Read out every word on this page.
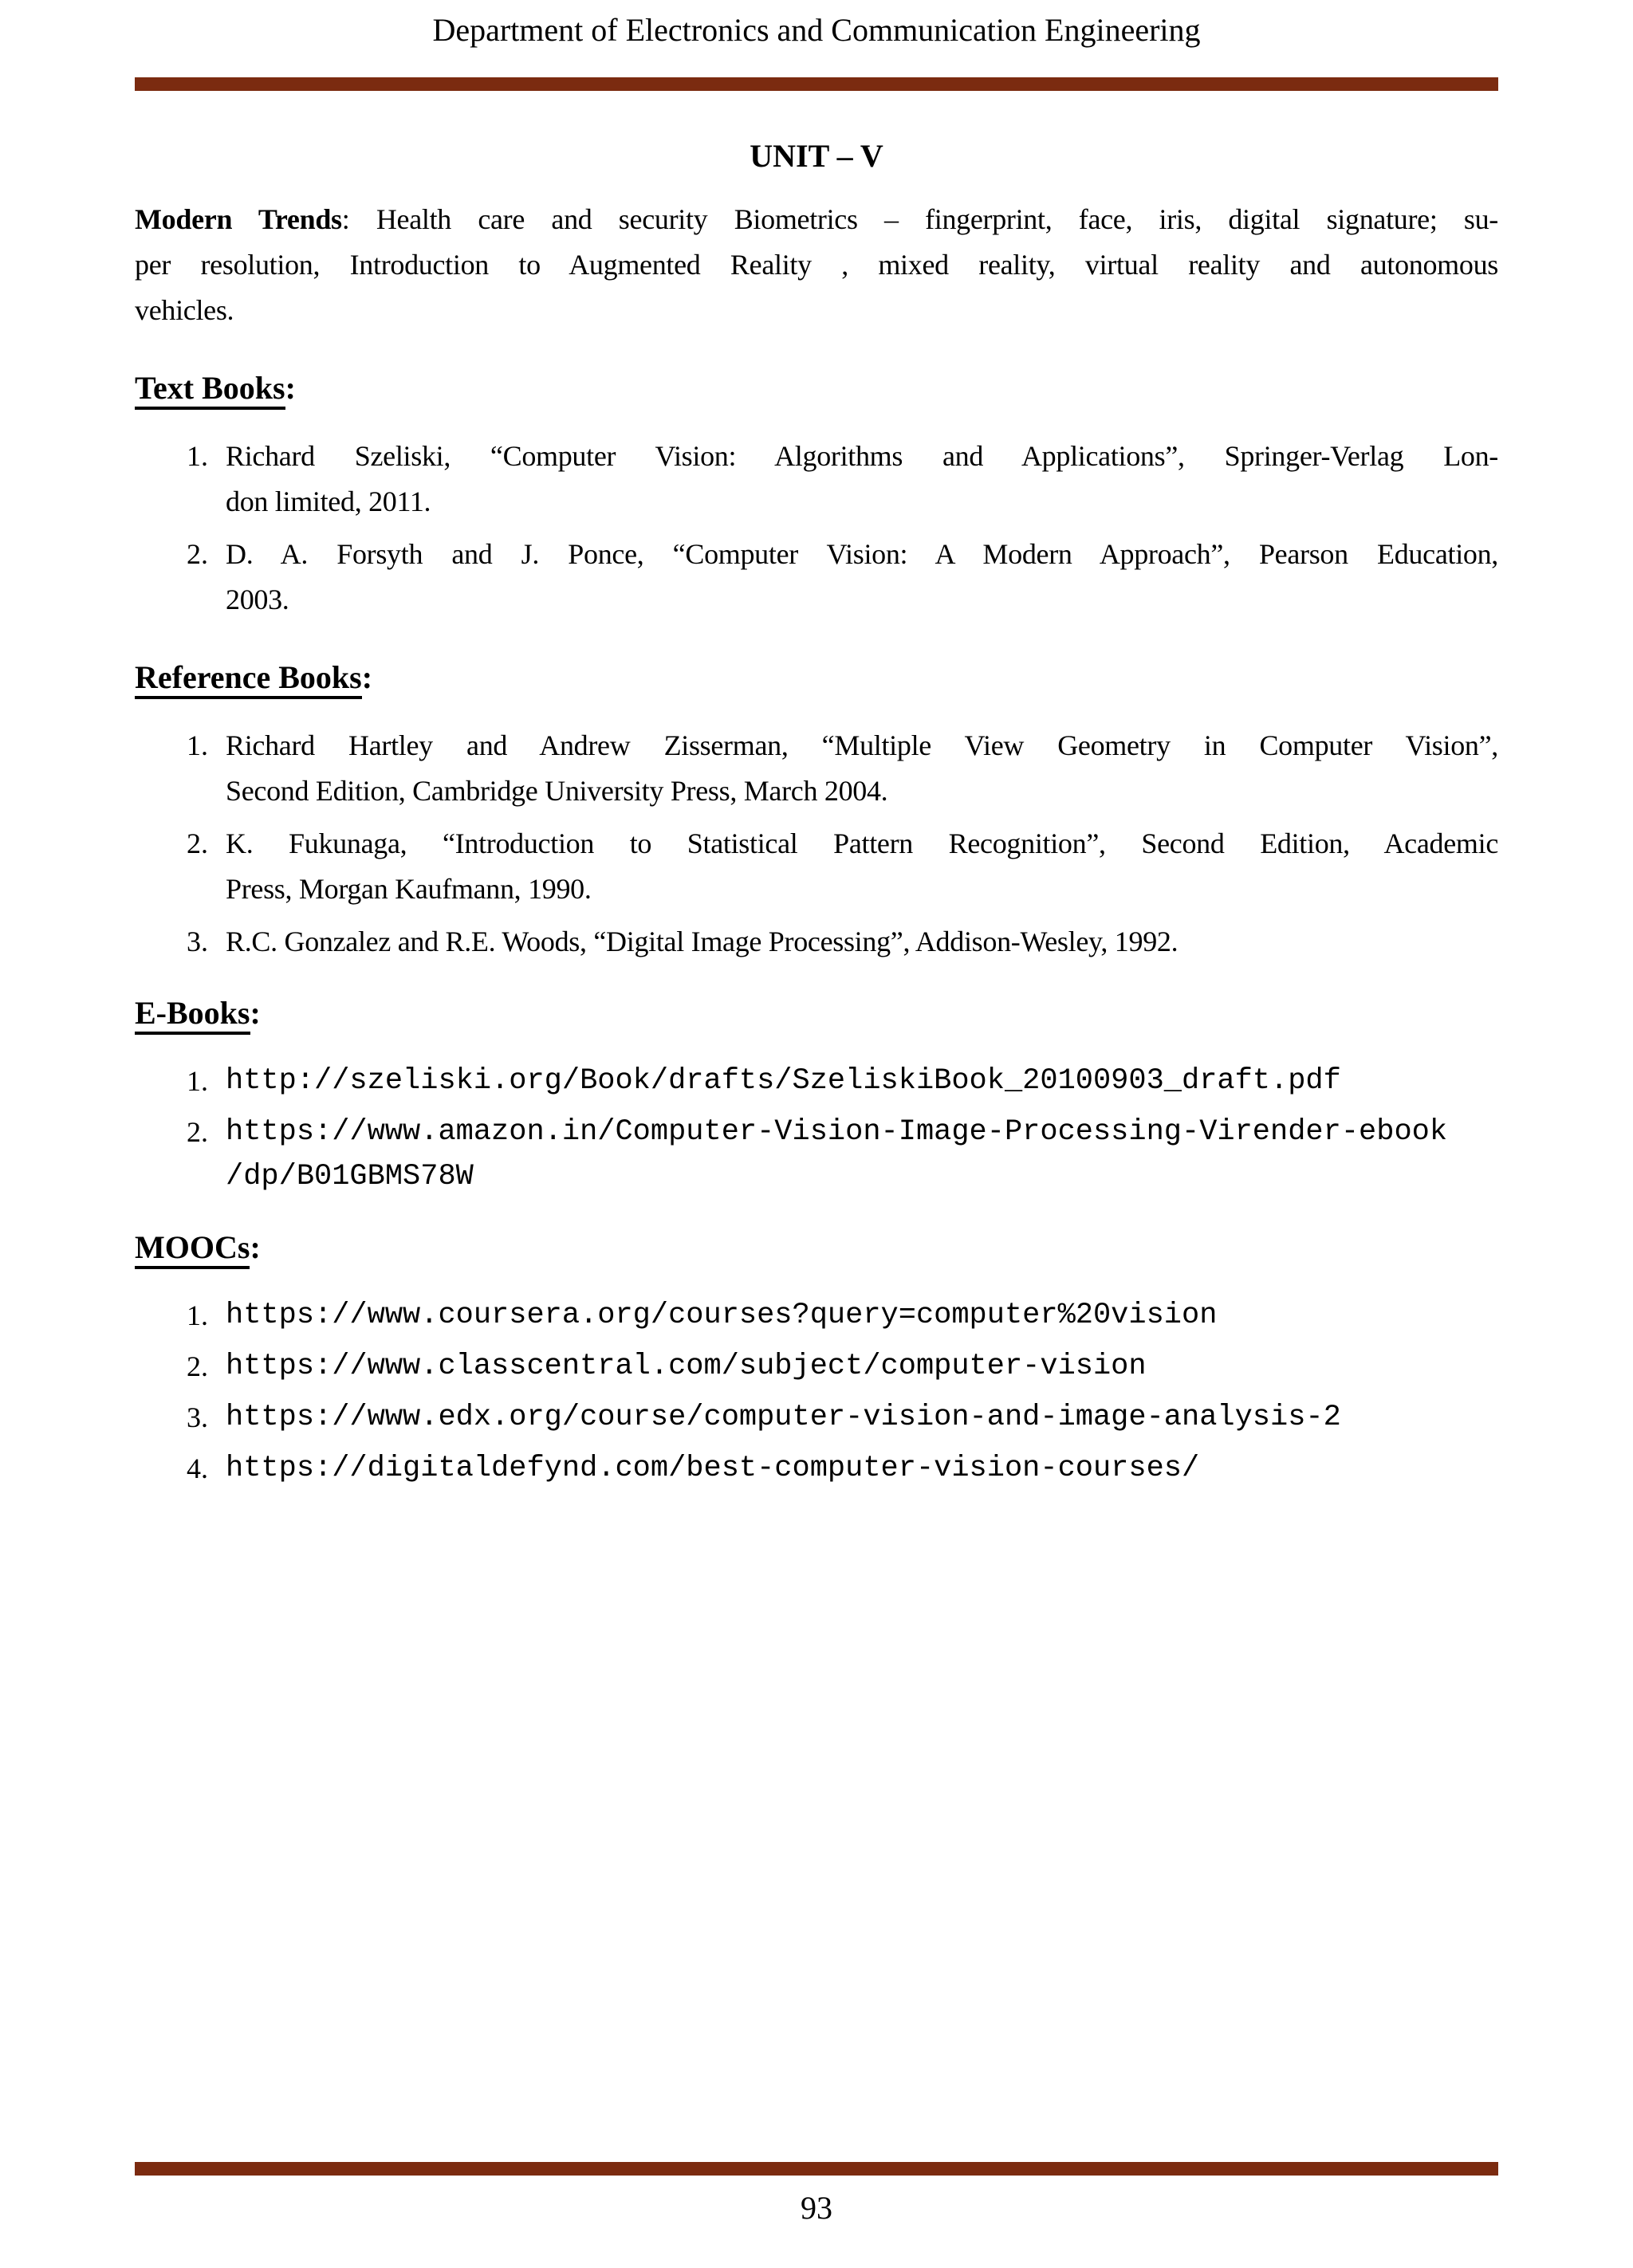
Department of Electronics and Communication Engineering
UNIT – V
Modern Trends: Health care and security Biometrics – fingerprint, face, iris, digital signature; su-
per resolution, Introduction to Augmented Reality , mixed reality, virtual reality and autonomous
vehicles.
Text Books:
1. Richard Szeliski, “Computer Vision: Algorithms and Applications”, Springer-Verlag Lon-
don limited, 2011.
2. D. A. Forsyth and J. Ponce, “Computer Vision: A Modern Approach”, Pearson Education,
2003.
Reference Books:
1. Richard Hartley and Andrew Zisserman, “Multiple View Geometry in Computer Vision”,
Second Edition, Cambridge University Press, March 2004.
2. K. Fukunaga, “Introduction to Statistical Pattern Recognition”, Second Edition, Academic
Press, Morgan Kaufmann, 1990.
3. R.C. Gonzalez and R.E. Woods, “Digital Image Processing”, Addison-Wesley, 1992.
E-Books:
1. http://szeliski.org/Book/drafts/SzeliskiBook_20100903_draft.pdf
2. https://www.amazon.in/Computer-Vision-Image-Processing-Virender-ebook
/dp/B01GBMS78W
MOOCs:
1. https://www.coursera.org/courses?query=computer%20vision
2. https://www.classcentral.com/subject/computer-vision
3. https://www.edx.org/course/computer-vision-and-image-analysis-2
4. https://digitaldefynd.com/best-computer-vision-courses/
93
